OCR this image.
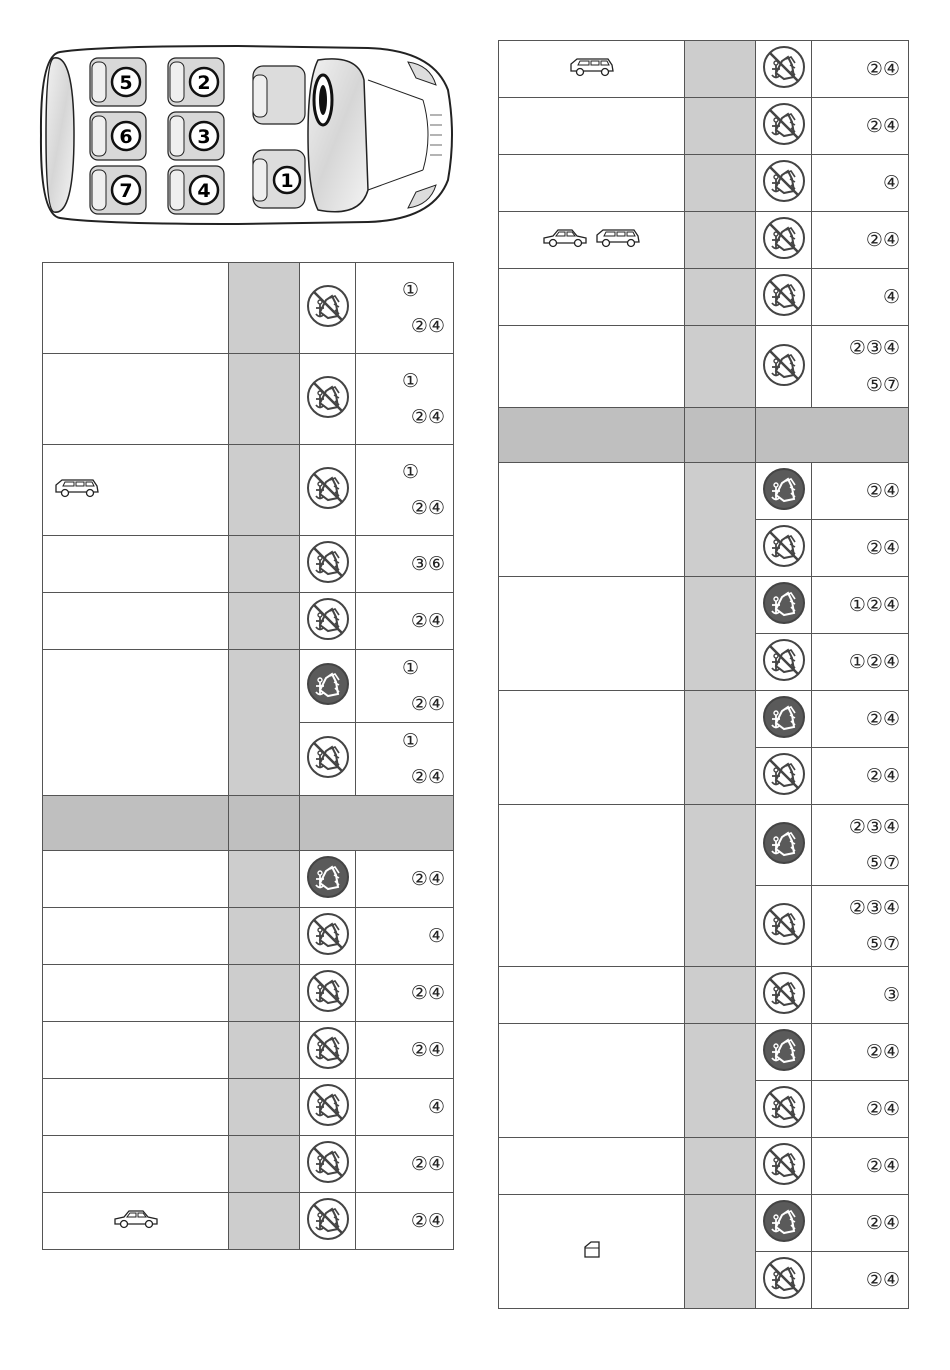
1
5	2
6	3
7	4

①
②④

①
②④

①
②④

③⑥

②④

①
②④

①
②④

②④

④

②④

②④

④

②④

②④

②④

②④

④

②④

④

②③④
⑤⑦

②④

②④

①②④

①②④

②④

②④

②③④
⑤⑦

②③④
⑤⑦

③

②④

②④

②④

②④

②④
